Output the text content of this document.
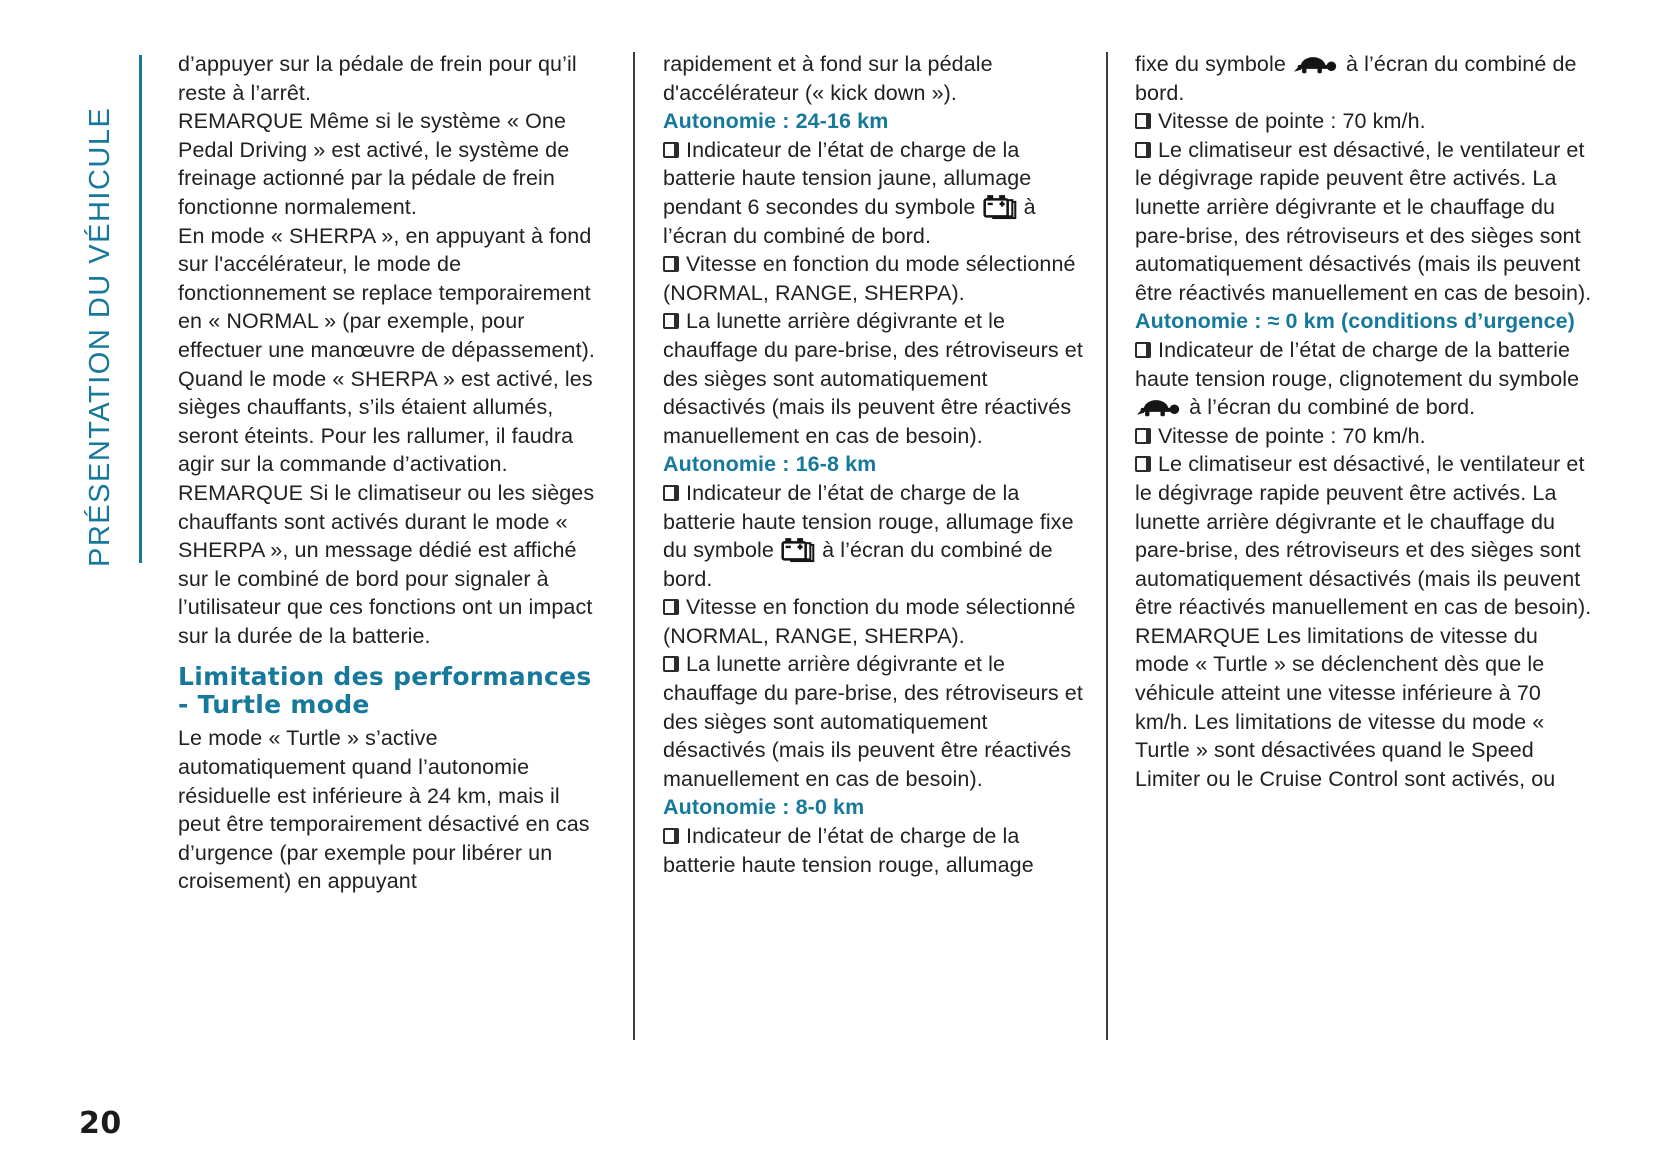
PRÉSENTATION DU VÉHICULE

d’appuyer sur la pédale de frein pour qu’il reste à l’arrêt.

REMARQUE Même si le système « One Pedal Driving » est activé, le système de freinage actionné par la pédale de frein fonctionne normalement.

En mode « SHERPA », en appuyant à fond sur l'accélérateur, le mode de fonctionnement se replace temporairement en « NORMAL » (par exemple, pour effectuer une manœuvre de dépassement).

Quand le mode « SHERPA » est activé, les sièges chauffants, s’ils étaient allumés, seront éteints. Pour les rallumer, il faudra agir sur la commande d’activation.

REMARQUE Si le climatiseur ou les sièges chauffants sont activés durant le mode « SHERPA », un message dédié est affiché sur le combiné de bord pour signaler à l’utilisateur que ces fonctions ont un impact sur la durée de la batterie.

Limitation des performances - Turtle mode

Le mode « Turtle » s’active automatiquement quand l’autonomie résiduelle est inférieure à 24 km, mais il peut être temporairement désactivé en cas d’urgence (par exemple pour libérer un croisement) en appuyant

rapidement et à fond sur la pédale d'accélérateur (« kick down »).

Autonomie : 24-16 km

Indicateur de l’état de charge de la batterie haute tension jaune, allumage pendant 6 secondes du symbole  à l’écran du combiné de bord.

Vitesse en fonction du mode sélectionné (NORMAL, RANGE, SHERPA).

La lunette arrière dégivrante et le chauffage du pare-brise, des rétroviseurs et des sièges sont automatiquement désactivés (mais ils peuvent être réactivés manuellement en cas de besoin).

Autonomie : 16-8 km

Indicateur de l’état de charge de la batterie haute tension rouge, allumage fixe du symbole  à l’écran du combiné de bord.

Vitesse en fonction du mode sélectionné (NORMAL, RANGE, SHERPA).

La lunette arrière dégivrante et le chauffage du pare-brise, des rétroviseurs et des sièges sont automatiquement désactivés (mais ils peuvent être réactivés manuellement en cas de besoin).

Autonomie : 8-0 km

Indicateur de l’état de charge de la batterie haute tension rouge, allumage

fixe du symbole  à l’écran du combiné de bord.

Vitesse de pointe : 70 km/h.

Le climatiseur est désactivé, le ventilateur et le dégivrage rapide peuvent être activés. La lunette arrière dégivrante et le chauffage du pare-brise, des rétroviseurs et des sièges sont automatiquement désactivés (mais ils peuvent être réactivés manuellement en cas de besoin).

Autonomie : ≈ 0 km (conditions d’urgence)

Indicateur de l’état de charge de la batterie haute tension rouge, clignotement du symbole  à l’écran du combiné de bord.

Vitesse de pointe : 70 km/h.

Le climatiseur est désactivé, le ventilateur et le dégivrage rapide peuvent être activés. La lunette arrière dégivrante et le chauffage du pare-brise, des rétroviseurs et des sièges sont automatiquement désactivés (mais ils peuvent être réactivés manuellement en cas de besoin).

REMARQUE Les limitations de vitesse du mode « Turtle » se déclenchent dès que le véhicule atteint une vitesse inférieure à 70 km/h. Les limitations de vitesse du mode « Turtle » sont désactivées quand le Speed Limiter ou le Cruise Control sont activés, ou

20
